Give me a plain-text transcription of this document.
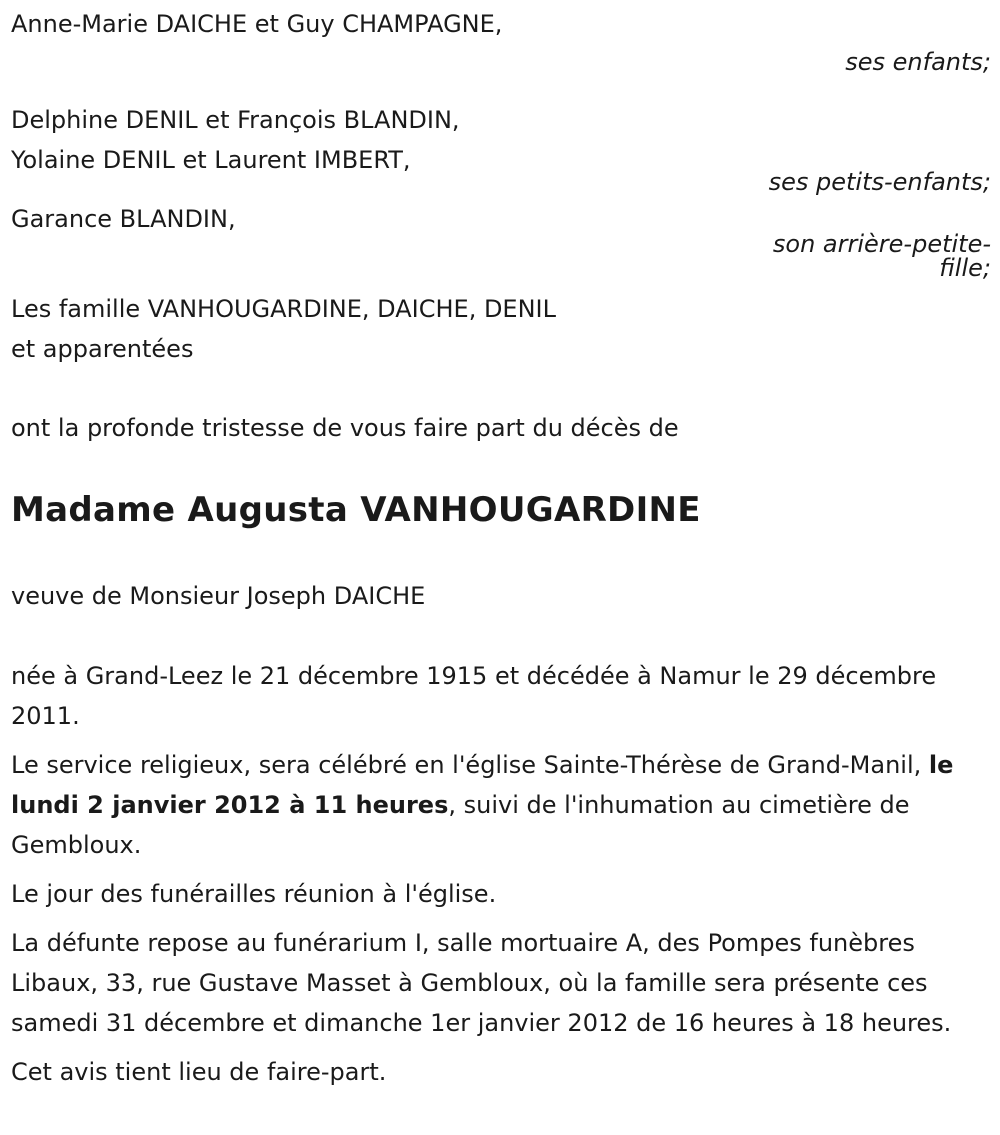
Anne-Marie DAICHE et Guy CHAMPAGNE,
ses enfants;
Delphine DENIL et François BLANDIN,
Yolaine DENIL et Laurent IMBERT,
ses petits-enfants;
Garance BLANDIN,
son arrière-petite-
fille;
Les famille VANHOUGARDINE, DAICHE, DENIL
et apparentées
ont la profonde tristesse de vous faire part du décès de
Madame Augusta VANHOUGARDINE
veuve de Monsieur Joseph DAICHE

née à Grand-Leez le 21 décembre 1915 et décédée à Namur le 29 décembre 2011.

Le service religieux, sera célébré en l'église Sainte-Thérèse de Grand-Manil, le lundi 2 janvier 2012 à 11 heures, suivi de l'inhumation au cimetière de Gembloux.

Le jour des funérailles réunion à l'église.

La défunte repose au funérarium I, salle mortuaire A, des Pompes funèbres Libaux, 33, rue Gustave Masset à Gembloux, où la famille sera présente ces samedi 31 décembre et dimanche 1er janvier 2012 de 16 heures à 18 heures.

Cet avis tient lieu de faire-part.
